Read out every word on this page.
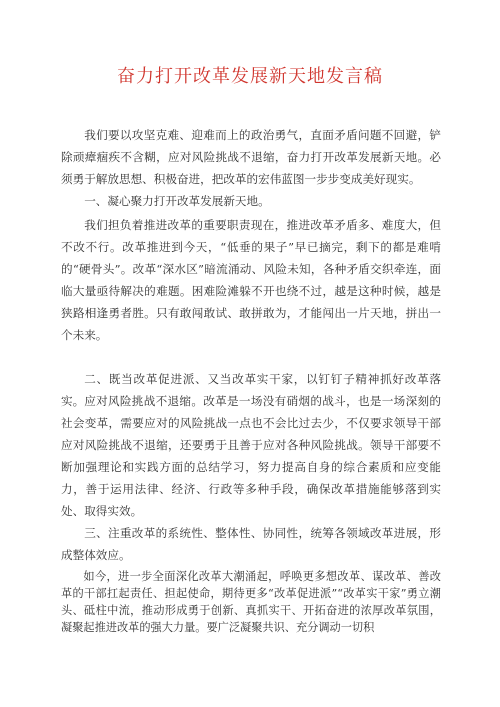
奋力打开改革发展新天地发言稿

我们要以攻坚克难、迎难而上的政治勇气，直面矛盾问题不回避，铲除顽瘴痼疾不含糊，应对风险挑战不退缩，奋力打开改革发展新天地。必须勇于解放思想、积极奋进，把改革的宏伟蓝图一步步变成美好现实。

一、凝心聚力打开改革发展新天地。

我们担负着推进改革的重要职责现在，推进改革矛盾多、难度大，但不改不行。改革推进到今天，“低垂的果子”早已摘完，剩下的都是难啃的“硬骨头”。改革“深水区”暗流涌动、风险未知，各种矛盾交织牵连，面临大量亟待解决的难题。困难险滩躲不开也绕不过，越是这种时候，越是狭路相逢勇者胜。只有敢闯敢试、敢拼敢为，才能闯出一片天地，拼出一个未来。

二、既当改革促进派、又当改革实干家，以钉钉子精神抓好改革落实。 应对风险挑战不退缩。改革是一场没有硝烟的战斗，也是一场深刻的社会变革，需要应对的风险挑战一点也不会比过去少，不仅要求领导干部应对风险挑战不退缩，还要勇于且善于应对各种风险挑战。领导干部要不断加强理论和实践方面的总结学习，努力提高自身的综合素质和应变能力，善于运用法律、经济、行政等多种手段，确保改革措施能够落到实处、取得实效。

三、注重改革的系统性、整体性、协同性，统筹各领域改革进展，形成整体效应。

如今，进一步全面深化改革大潮涌起，呼唤更多想改革、谋改革、善改革的干部扛起责任、担起使命，期待更多“改革促进派”“改革实干家”勇立潮头、砥柱中流，推动形成勇于创新、真抓实干、开拓奋进的浓厚改革氛围，凝聚起推进改革的强大力量。要广泛凝聚共识、充分调动一切积
